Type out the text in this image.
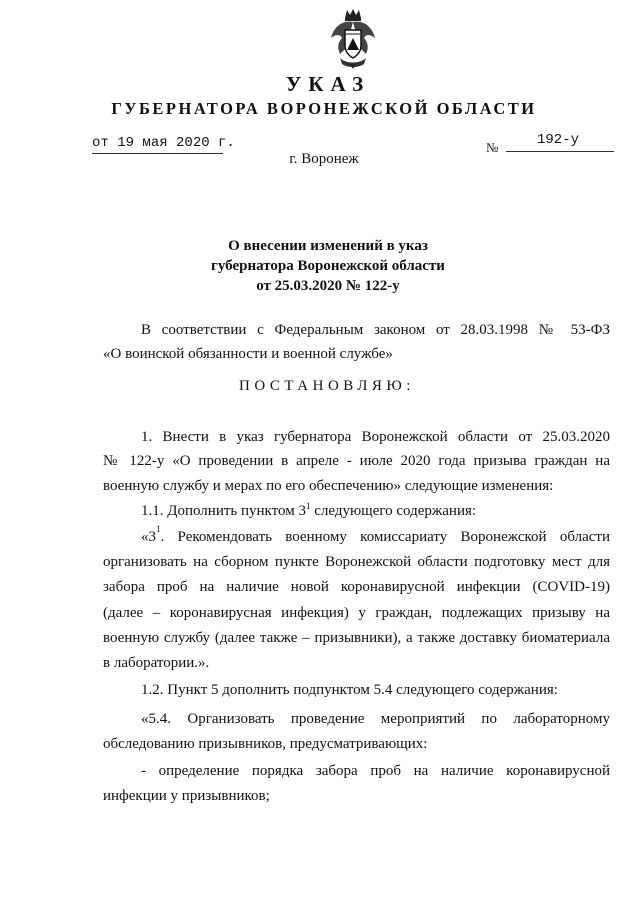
УКАЗ
ГУБЕРНАТОРА ВОРОНЕЖСКОЙ ОБЛАСТИ
от 19 мая 2020 г.	№	192-у
г. Воронеж
О внесении изменений в указ
губернатора Воронежской области
от 25.03.2020 № 122-у
В соответствии с Федеральным законом от 28.03.1998 № 53-ФЗ
«О воинской обязанности и военной службе»
ПОСТАНОВЛЯЮ:
1. Внести в указ губернатора Воронежской области от 25.03.2020
№ 122-у «О проведении в апреле - июле 2020 года призыва граждан на
военную службу и мерах по его обеспечению» следующие изменения:
1.1. Дополнить пунктом $3^1$ следующего содержания:
«3 1 . Рекомендовать военному комиссариату Воронежской области
организовать на сборном пункте Воронежской области подготовку мест для
забора проб на наличие новой коронавирусной инфекции (COVID-19)
(далее – коронавирусная инфекция) у граждан, подлежащих призыву на
военную службу (далее также – призывники), а также доставку биоматериала
в лаборатории.».
1.2. Пункт 5 дополнить подпунктом 5.4 следующего содержания:
«5.4. Организовать проведение мероприятий по лабораторному
обследованию призывников, предусматривающих:
- определение порядка забора проб на наличие коронавирусной
инфекции у призывников;
